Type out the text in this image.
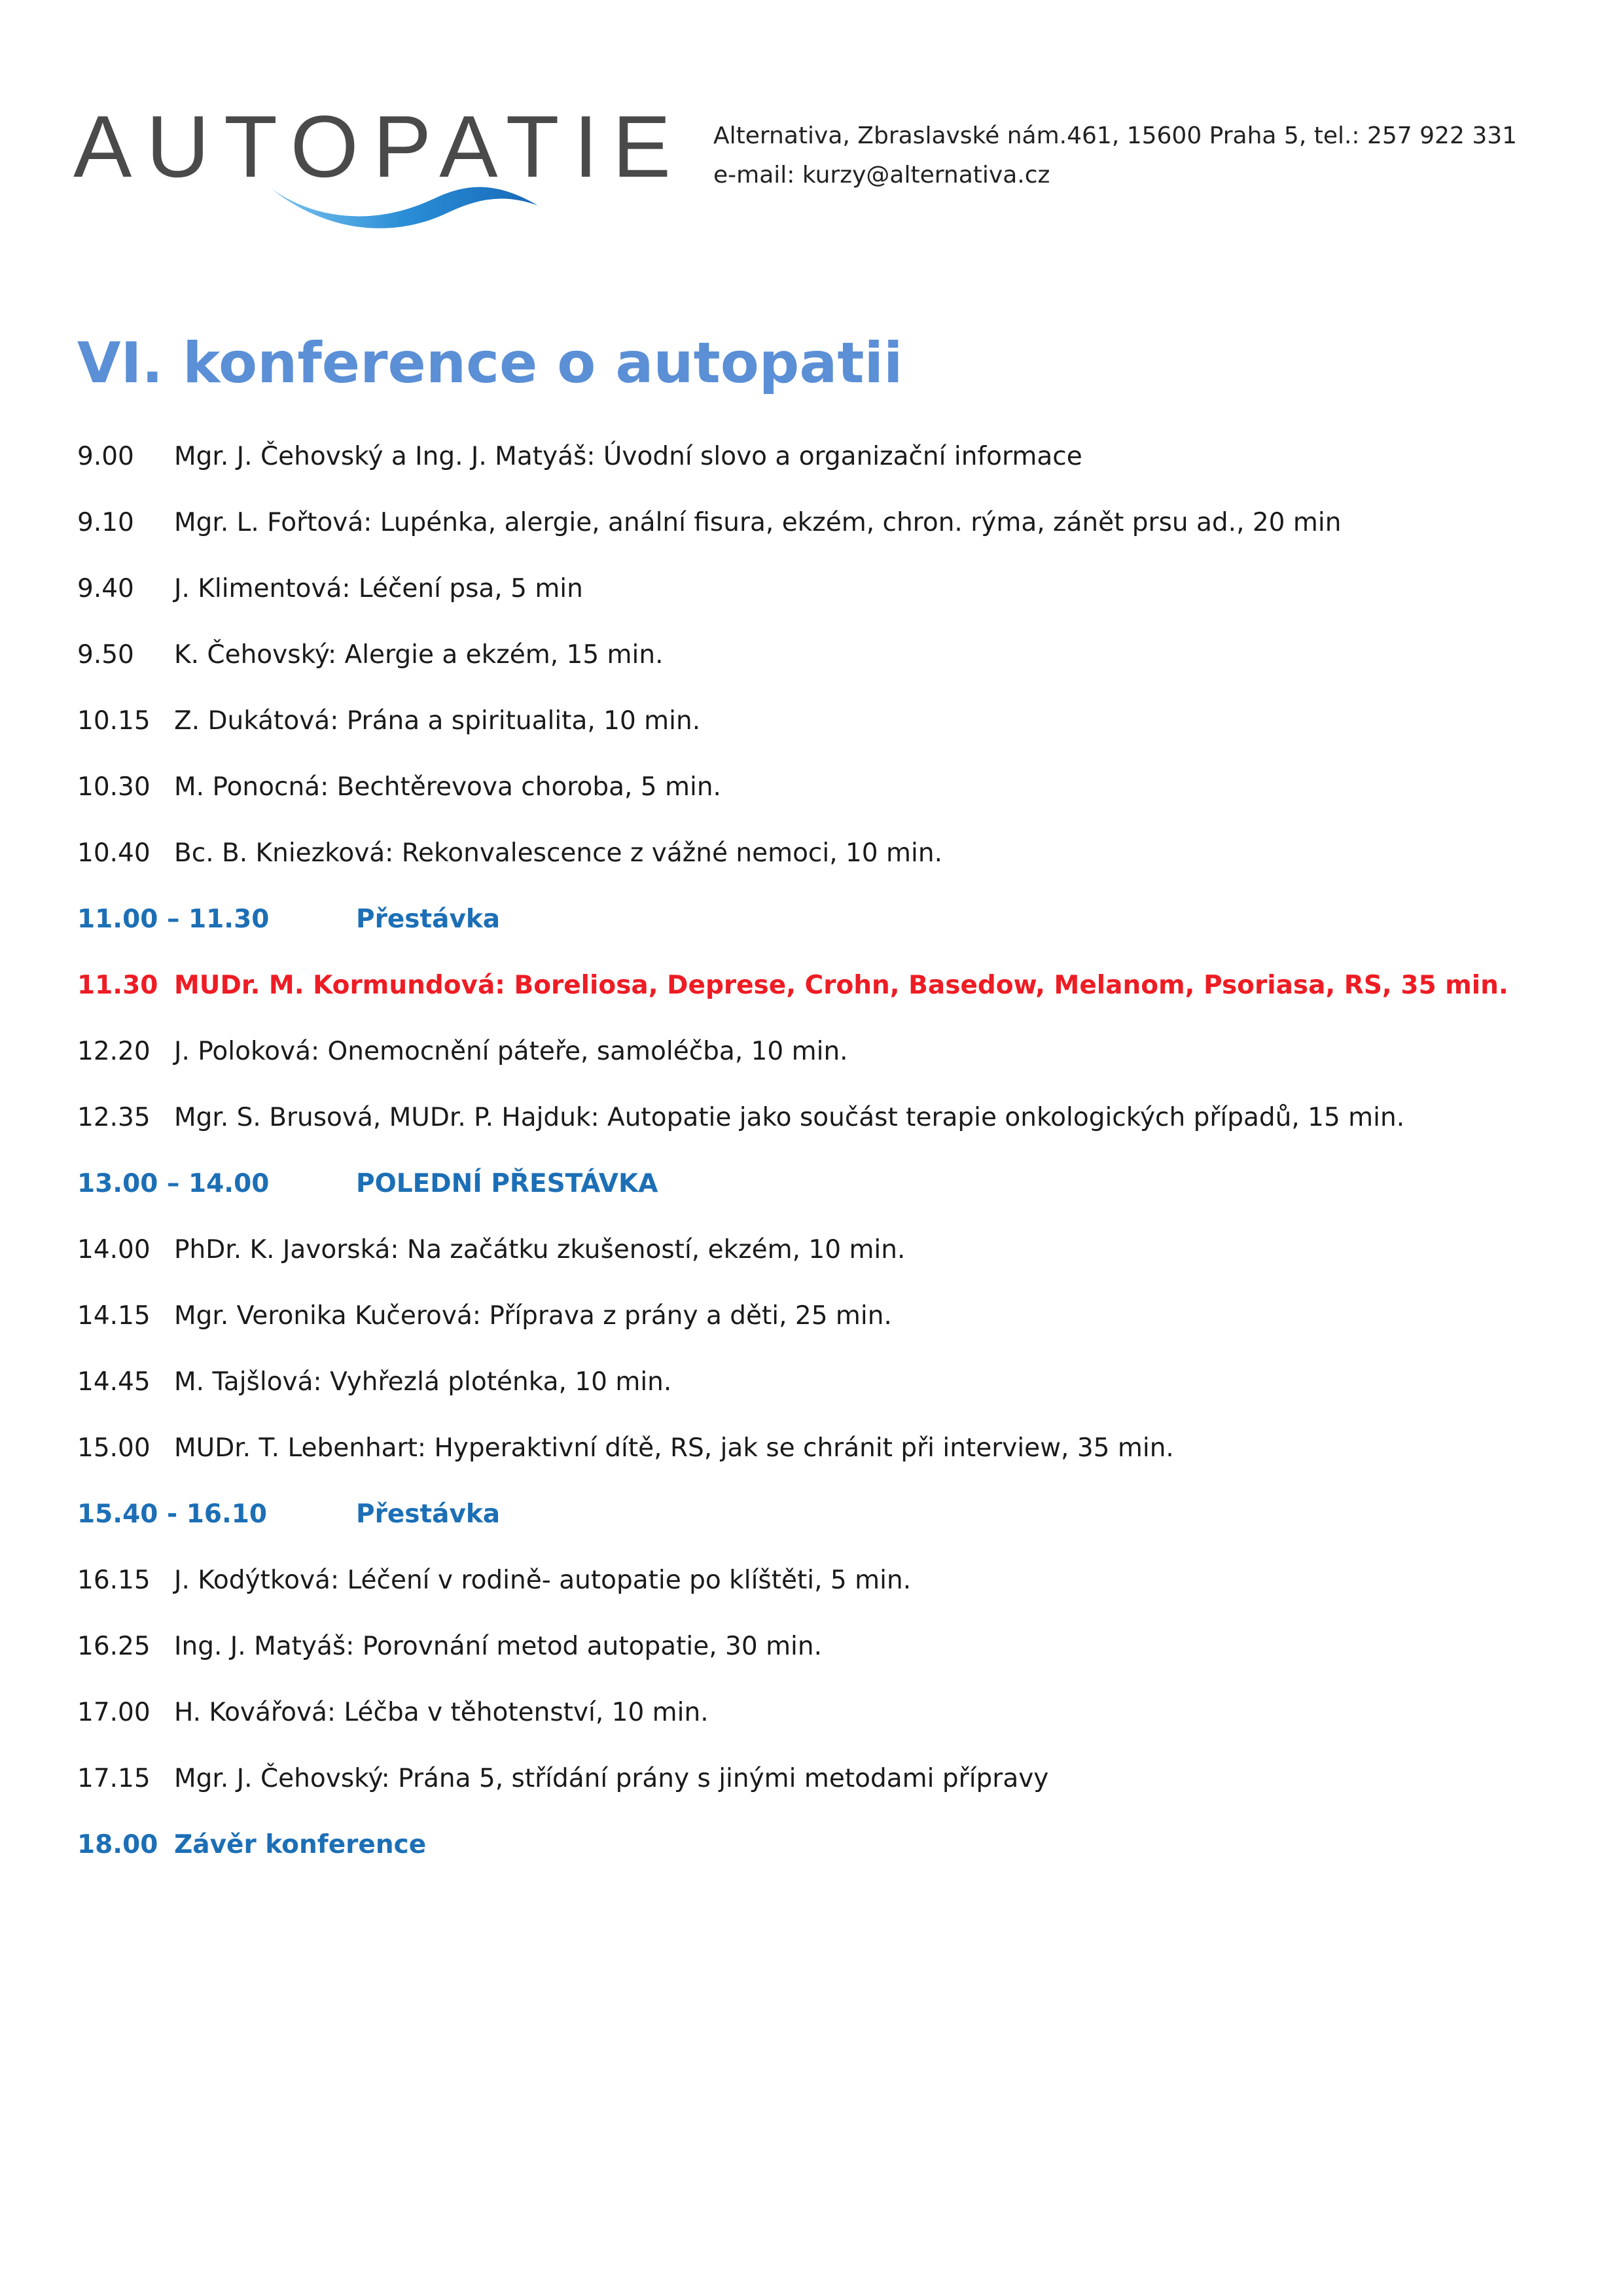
AUTOPATIE Alternativa, Zbraslavské nám.461, 15600 Praha 5, tel.: 257 922 331
e-mail: kurzy@alternativa.cz
VI. konference o autopatii
9.00	Mgr. J. Čehovský a Ing. J. Matyáš: Úvodní slovo a organizační informace
9.10	Mgr. L. Fořtová: Lupénka, alergie, anální fisura, ekzém, chron. rýma, zánět prsu ad., 20 min
9.40	J. Klimentová: Léčení psa, 5 min
9.50	K. Čehovský: Alergie a ekzém, 15 min.
10.15 Z. Dukátová: Prána a spiritualita, 10 min.
10.30 M. Ponocná: Bechtěrevova choroba, 5 min.
10.40 Bc. B. Kniezková: Rekonvalescence z vážné nemoci, 10 min.
11.00 – 11.30	Přestávka
11.30 MUDr. M. Kormundová: Boreliosa, Deprese, Crohn, Basedow, Melanom, Psoriasa, RS, 35 min.
12.20 J. Poloková: Onemocnění páteře, samoléčba, 10 min.
12.35 Mgr. S. Brusová, MUDr. P. Hajduk: Autopatie jako součást terapie onkologických případů, 15 min.
13.00 – 14.00	POLEDNÍ PŘESTÁVKA
14.00 PhDr. K. Javorská: Na začátku zkušeností, ekzém, 10 min.
14.15 Mgr. Veronika Kučerová: Příprava z prány a děti, 25 min.
14.45 M. Tajšlová: Vyhřezlá ploténka, 10 min.
15.00 MUDr. T. Lebenhart: Hyperaktivní dítě, RS, jak se chránit při interview, 35 min.
15.40 - 16.10	Přestávka
16.15 J. Kodýtková: Léčení v rodině- autopatie po klíštěti, 5 min.
16.25 Ing. J. Matyáš: Porovnání metod autopatie, 30 min.
17.00 H. Kovářová: Léčba v těhotenství, 10 min.
17.15 Mgr. J. Čehovský: Prána 5, střídání prány s jinými metodami přípravy
18.00 Závěr konference
